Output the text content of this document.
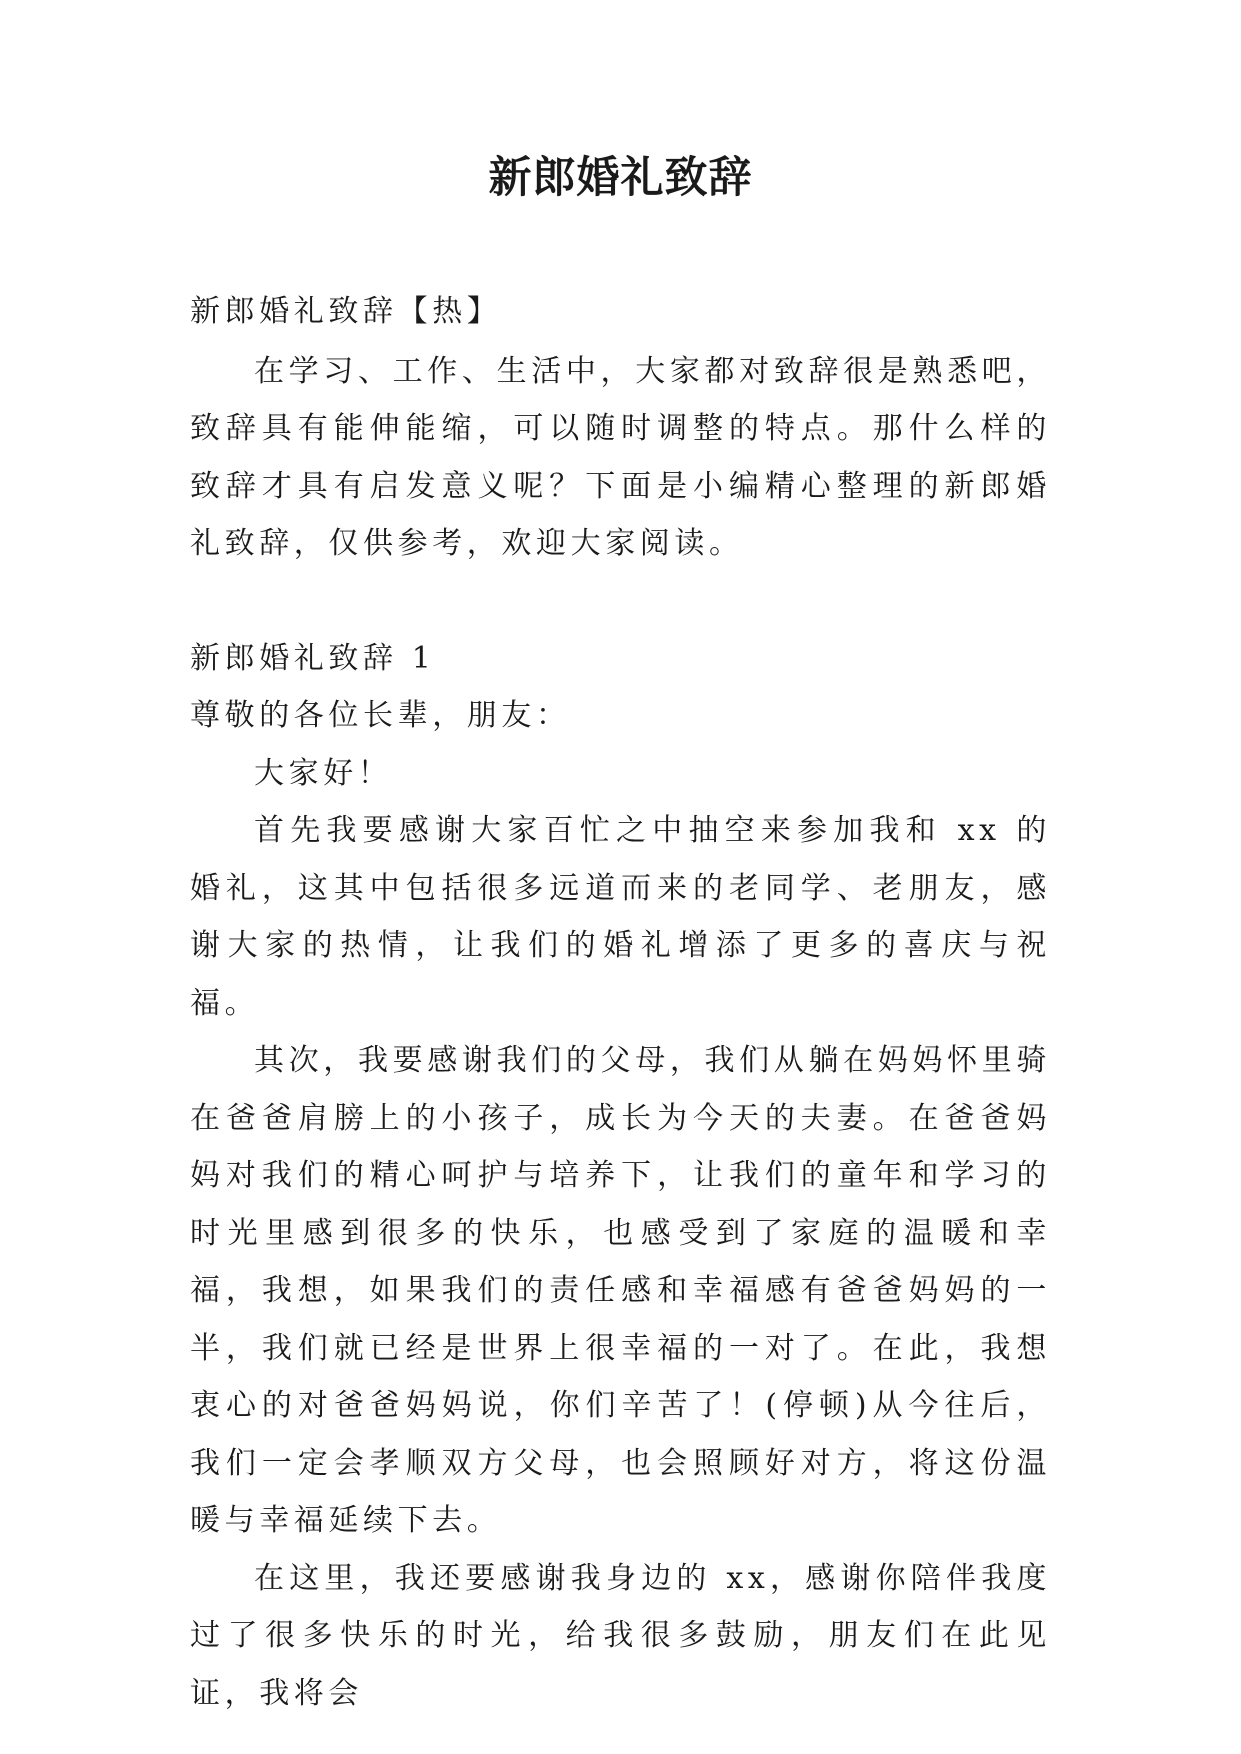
新郎婚礼致辞

新郎婚礼致辞【热】

在学习、工作、生活中，大家都对致辞很是熟悉吧，致辞具有能伸能缩，可以随时调整的特点。那什么样的致辞才具有启发意义呢？下面是小编精心整理的新郎婚礼致辞，仅供参考，欢迎大家阅读。

新郎婚礼致辞 1

尊敬的各位长辈，朋友：

大家好！

首先我要感谢大家百忙之中抽空来参加我和 xx 的婚礼，这其中包括很多远道而来的老同学、老朋友，感谢大家的热情，让我们的婚礼增添了更多的喜庆与祝福。

其次，我要感谢我们的父母，我们从躺在妈妈怀里骑在爸爸肩膀上的小孩子，成长为今天的夫妻。在爸爸妈妈对我们的精心呵护与培养下，让我们的童年和学习的时光里感到很多的快乐，也感受到了家庭的温暖和幸福，我想，如果我们的责任感和幸福感有爸爸妈妈的一半，我们就已经是世界上很幸福的一对了。在此，我想衷心的对爸爸妈妈说，你们辛苦了！(停顿)从今往后，我们一定会孝顺双方父母，也会照顾好对方，将这份温暖与幸福延续下去。

在这里，我还要感谢我身边的 xx，感谢你陪伴我度过了很多快乐的时光，给我很多鼓励，朋友们在此见证，我将会
